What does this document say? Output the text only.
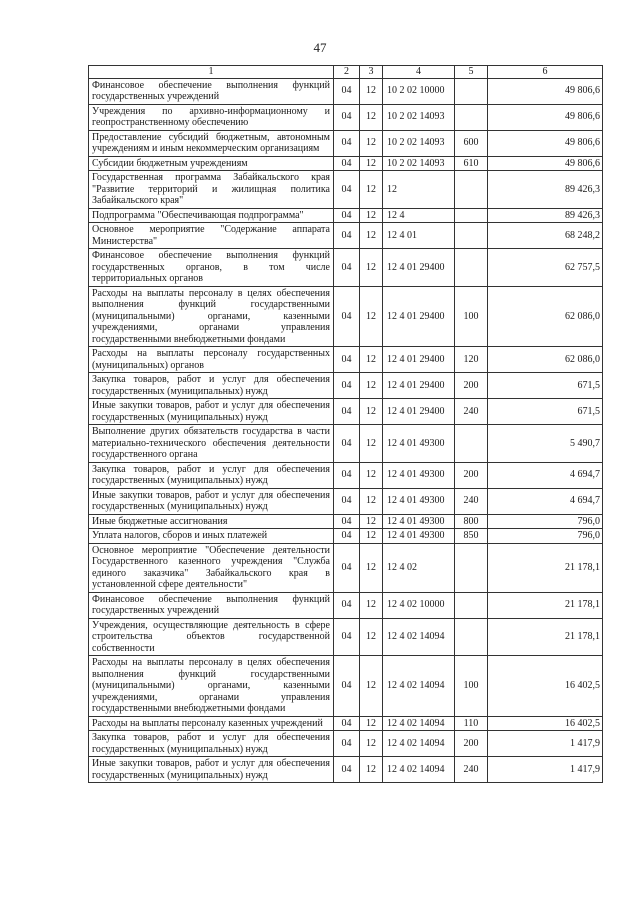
47
1	2	3	4	5	6
Финансовое обеспечение выполнения функций государственных учреждений	04	12	10 2 02 10000		49 806,6
Учреждения по архивно-информационному и геопространственному обеспечению	04	12	10 2 02 14093		49 806,6
Предоставление субсидий бюджетным, автономным учреждениям и иным некоммерческим организациям	04	12	10 2 02 14093	600	49 806,6
Субсидии бюджетным учреждениям	04	12	10 2 02 14093	610	49 806,6
Государственная программа Забайкальского края "Развитие территорий и жилищная политика Забайкальского края"	04	12	12		89 426,3
Подпрограмма "Обеспечивающая подпрограмма"	04	12	12 4		89 426,3
Основное мероприятие "Содержание аппарата Министерства"	04	12	12 4 01		68 248,2
Финансовое обеспечение выполнения функций государственных органов, в том числе территориальных органов	04	12	12 4 01 29400		62 757,5
Расходы на выплаты персоналу в целях обеспечения выполнения функций государственными (муниципальными) органами, казенными учреждениями, органами управления государственными внебюджетными фондами	04	12	12 4 01 29400	100	62 086,0
Расходы на выплаты персоналу государственных (муниципальных) органов	04	12	12 4 01 29400	120	62 086,0
Закупка товаров, работ и услуг для обеспечения государственных (муниципальных) нужд	04	12	12 4 01 29400	200	671,5
Иные закупки товаров, работ и услуг для обеспечения государственных (муниципальных) нужд	04	12	12 4 01 29400	240	671,5
Выполнение других обязательств государства в части материально-технического обеспечения деятельности государственного органа	04	12	12 4 01 49300		5 490,7
Закупка товаров, работ и услуг для обеспечения государственных (муниципальных) нужд	04	12	12 4 01 49300	200	4 694,7
Иные закупки товаров, работ и услуг для обеспечения государственных (муниципальных) нужд	04	12	12 4 01 49300	240	4 694,7
Иные бюджетные ассигнования	04	12	12 4 01 49300	800	796,0
Уплата налогов, сборов и иных платежей	04	12	12 4 01 49300	850	796,0
Основное мероприятие "Обеспечение деятельности Государственного казенного учреждения "Служба единого заказчика" Забайкальского края в установленной сфере деятельности"	04	12	12 4 02		21 178,1
Финансовое обеспечение выполнения функций государственных учреждений	04	12	12 4 02 10000		21 178,1
Учреждения, осуществляющие деятельность в сфере строительства объектов государственной собственности	04	12	12 4 02 14094		21 178,1
Расходы на выплаты персоналу в целях обеспечения выполнения функций государственными (муниципальными) органами, казенными учреждениями, органами управления государственными внебюджетными фондами	04	12	12 4 02 14094	100	16 402,5
Расходы на выплаты персоналу казенных учреждений	04	12	12 4 02 14094	110	16 402,5
Закупка товаров, работ и услуг для обеспечения государственных (муниципальных) нужд	04	12	12 4 02 14094	200	1 417,9
Иные закупки товаров, работ и услуг для обеспечения государственных (муниципальных) нужд	04	12	12 4 02 14094	240	1 417,9
